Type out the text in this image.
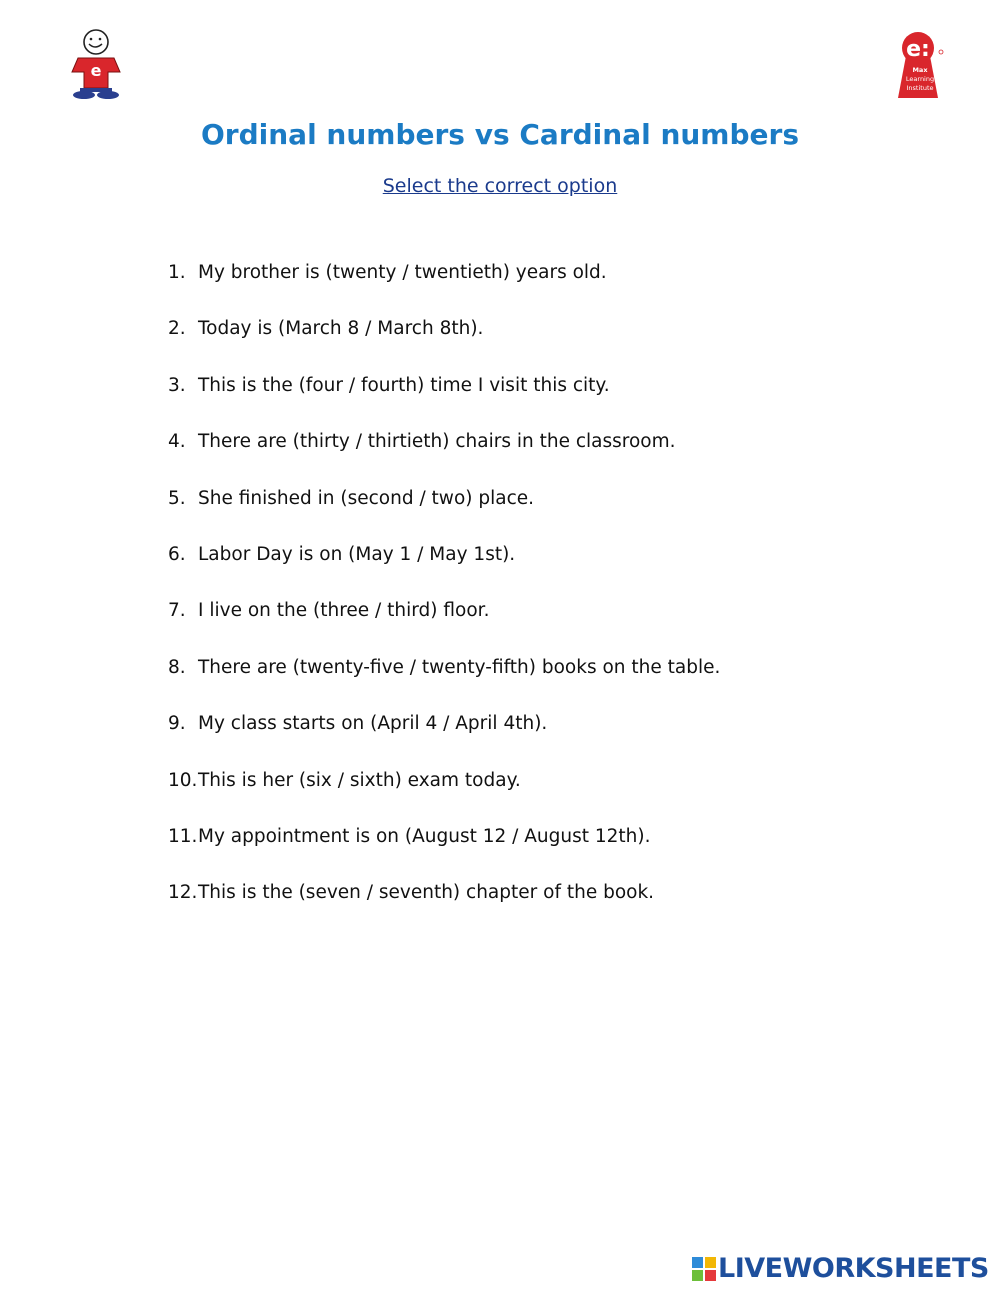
e
e:
Max
Learning
Institute
Ordinal numbers vs Cardinal numbers
Select the correct option
1. My brother is (twenty / twentieth) years old.
2. Today is (March 8 / March 8th).
3. This is the (four / fourth) time I visit this city.
4. There are (thirty / thirtieth) chairs in the classroom.
5. She finished in (second / two) place.
6. Labor Day is on (May 1 / May 1st).
7. I live on the (three / third) floor.
8. There are (twenty-five / twenty-fifth) books on the table.
9. My class starts on (April 4 / April 4th).
10. This is her (six / sixth) exam today.
11. My appointment is on (August 12 / August 12th).
12. This is the (seven / seventh) chapter of the book.
LIVEWORKSHEETS
